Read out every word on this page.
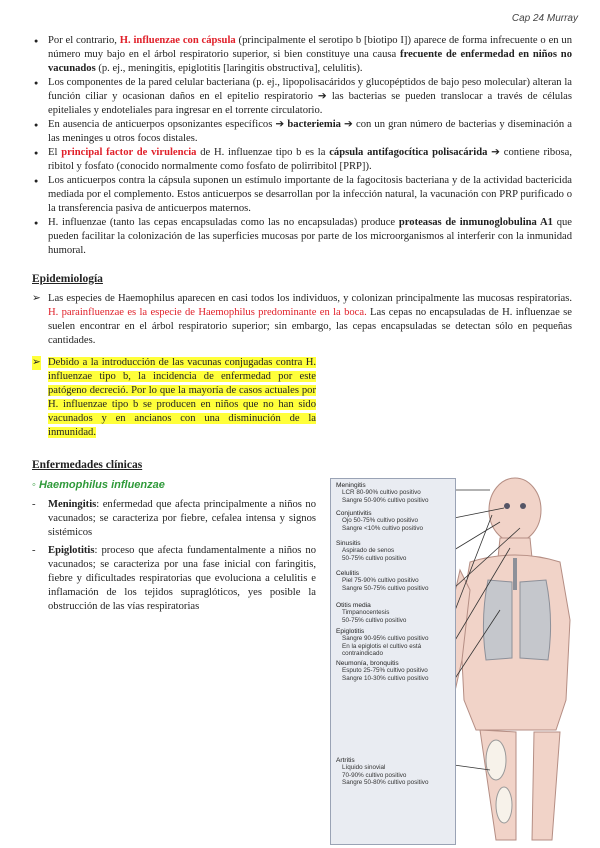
Cap 24 Murray
● Por el contrario, H. influenzae con cápsula (principalmente el serotipo b [biotipo I]) aparece de forma infrecuente o en un número muy bajo en el árbol respiratorio superior, si bien constituye una causa frecuente de enfermedad en niños no vacunados (p. ej., meningitis, epiglotitis [laringitis obstructiva], celulitis).
● Los componentes de la pared celular bacteriana (p. ej., lipopolisacáridos y glucopéptidos de bajo peso molecular) alteran la función ciliar y ocasionan daños en el epitelio respiratorio ➔ las bacterias se pueden translocar a través de células epiteliales y endoteliales para ingresar en el torrente circulatorio.
● En ausencia de anticuerpos opsonizantes específicos ➔ bacteriemia ➔ con un gran número de bacterias y diseminación a las meninges u otros focos distales.
● El principal factor de virulencia de H. influenzae tipo b es la cápsula antifagocítica polisacárida ➔ contiene ribosa, ribitol y fosfato (conocido normalmente como fosfato de polirribitol [PRP]).
● Los anticuerpos contra la cápsula suponen un estímulo importante de la fagocitosis bacteriana y de la actividad bactericida mediada por el complemento. Estos anticuerpos se desarrollan por la infección natural, la vacunación con PRP purificado o la transferencia pasiva de anticuerpos maternos.
● H. influenzae (tanto las cepas encapsuladas como las no encapsuladas) produce proteasas de inmunoglobulina A1 que pueden facilitar la colonización de las superficies mucosas por parte de los microorganismos al interferir con la inmunidad humoral.
Epidemiología
➢ Las especies de Haemophilus aparecen en casi todos los individuos, y colonizan principalmente las mucosas respiratorias. H. parainfluenzae es la especie de Haemophilus predominante en la boca. Las cepas no encapsuladas de H. influenzae se suelen encontrar en el árbol respiratorio superior; sin embargo, las cepas encapsuladas se detectan sólo en pequeñas cantidades.
➢ Debido a la introducción de las vacunas conjugadas contra H. influenzae tipo b, la incidencia de enfermedad por este patógeno decreció. Por lo que la mayoría de casos actuales por H. influenzae tipo b se producen en niños que no han sido vacunados y en ancianos con una disminución de la inmunidad.
Enfermedades clínicas
◦ Haemophilus influenzae
- Meningitis: enfermedad que afecta principalmente a niños no vacunados; se caracteriza por fiebre, cefalea intensa y signos sistémicos
- Epiglotitis: proceso que afecta fundamentalmente a niños no vacunados; se caracteriza por una fase inicial con faringitis, fiebre y dificultades respiratorias que evoluciona a celulitis e inflamación de los tejidos supraglóticos, yes posible la obstrucción de las vías respiratorias
Meningitis
LCR 80-90% cultivo positivo
Sangre 50-90% cultivo positivo
Conjuntivitis
Ojo 50-75% cultivo positivo
Sangre <10% cultivo positivo
Sinusitis
Aspirado de senos
50-75% cultivo positivo
Celulitis
Piel 75-90% cultivo positivo
Sangre 50-75% cultivo positivo
Otitis media
Timpanocentesis
50-75% cultivo positivo
Epiglotitis
Sangre 90-95% cultivo positivo
En la epiglotis el cultivo está
contraindicado
Neumonía, bronquitis
Esputo 25-75% cultivo positivo
Sangre 10-30% cultivo positivo
Artritis
Líquido sinovial
70-90% cultivo positivo
Sangre 50-80% cultivo positivo
